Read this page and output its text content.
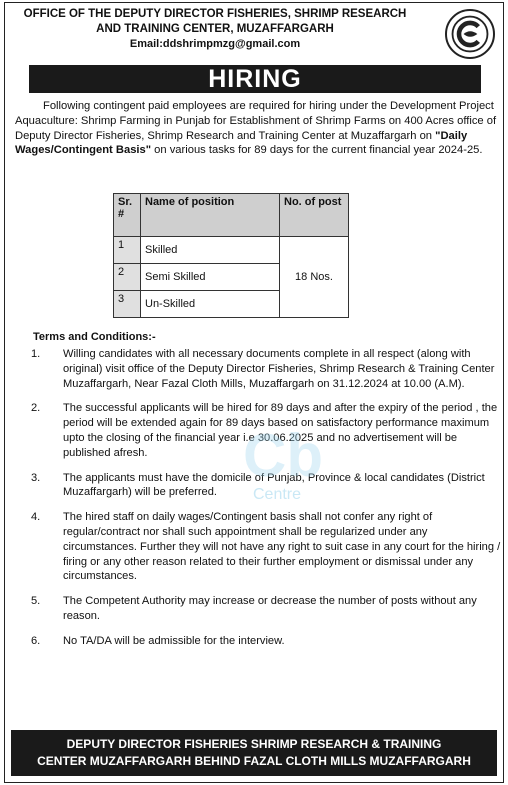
OFFICE OF THE DEPUTY DIRECTOR FISHERIES, SHRIMP RESEARCH
AND TRAINING CENTER, MUZAFFARGARH
Email:ddshrimpmzg@gmail.com
HIRING
Following contingent paid employees are required for hiring under the Development Project Aquaculture: Shrimp Farming in Punjab for Establishment of Shrimp Farms on 400 Acres office of Deputy Director Fisheries, Shrimp Research and Training Center at Muzaffargarh on "Daily Wages/Contingent Basis" on various tasks for 89 days for the current financial year 2024-25.
Sr. #	Name of position	No. of post
1	Skilled	18 Nos.
2	Semi Skilled	
3	Un-Skilled	
Terms and Conditions:-
1. Willing candidates with all necessary documents complete in all respect (along with original) visit office of the Deputy Director Fisheries, Shrimp Research & Training Center Muzaffargarh, Near Fazal Cloth Mills, Muzaffargarh on 31.12.2024 at 10.00 (A.M).
2. The successful applicants will be hired for 89 days and after the expiry of the period , the period will be extended again for 89 days based on satisfactory performance maximum upto the closing of the financial year i.e 30.06.2025 and no advertisement will be published afresh.
3. The applicants must have the domicile of Punjab, Province & local candidates (District Muzaffargarh) will be preferred.
4. The hired staff on daily wages/Contingent basis shall not confer any right of regular/contract nor shall such appointment shall be regularized under any circumstances. Further they will not have any right to suit case in any court for the hiring / firing or any other reason related to their further employment or dismissal under any circumstances.
5. The Competent Authority may increase or decrease the number of posts without any reason.
6. No TA/DA will be admissible for the interview.
Cb
Centre
DEPUTY DIRECTOR FISHERIES SHRIMP RESEARCH & TRAINING
CENTER MUZAFFARGARH BEHIND FAZAL CLOTH MILLS MUZAFFARGARH
